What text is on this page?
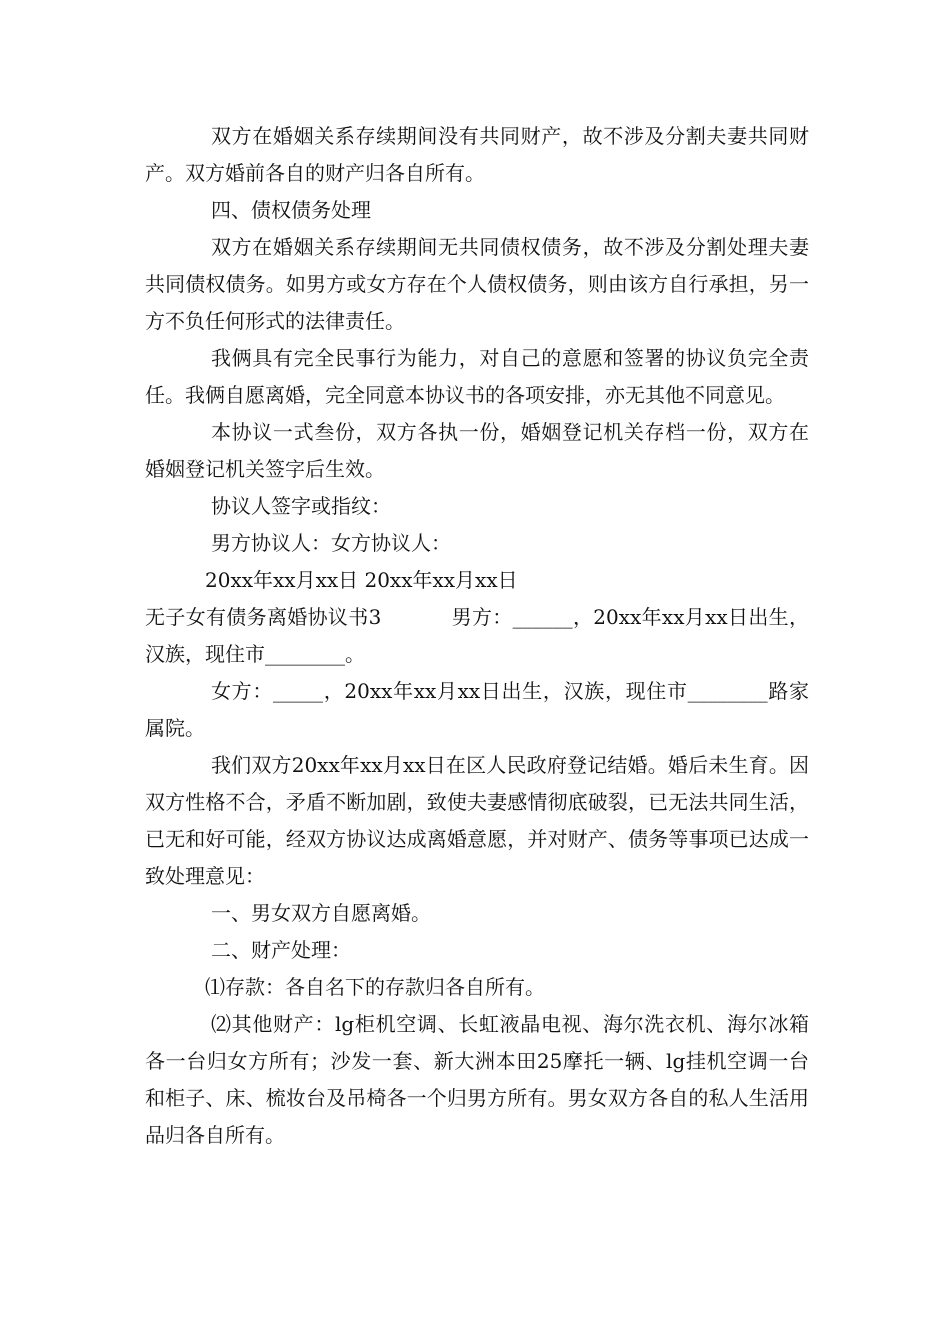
双方在婚姻关系存续期间没有共同财产，故不涉及分割夫妻共同财产。双方婚前各自的财产归各自所有。

四、债权债务处理

双方在婚姻关系存续期间无共同债权债务，故不涉及分割处理夫妻共同债权债务。如男方或女方存在个人债权债务，则由该方自行承担，另一方不负任何形式的法律责任。

我俩具有完全民事行为能力，对自己的意愿和签署的协议负完全责任。我俩自愿离婚，完全同意本协议书的各项安排，亦无其他不同意见。

本协议一式叁份，双方各执一份，婚姻登记机关存档一份，双方在婚姻登记机关签字后生效。

协议人签字或指纹：

男方协议人：女方协议人：

20xx年xx月xx日 20xx年xx月xx日

无子女有债务离婚协议书3	男方：______，20xx年xx月xx日出生，汉族，现住市________。

女方：_____，20xx年xx月xx日出生，汉族，现住市________路家属院。

我们双方20xx年xx月xx日在区人民政府登记结婚。婚后未生育。因双方性格不合，矛盾不断加剧，致使夫妻感情彻底破裂，已无法共同生活，已无和好可能，经双方协议达成离婚意愿，并对财产、债务等事项已达成一致处理意见：

一、男女双方自愿离婚。

二、财产处理：

⑴存款：各自名下的存款归各自所有。

⑵其他财产：lg柜机空调、长虹液晶电视、海尔洗衣机、海尔冰箱各一台归女方所有；沙发一套、新大洲本田25摩托一辆、lg挂机空调一台和柜子、床、梳妆台及吊椅各一个归男方所有。男女双方各自的私人生活用品归各自所有。
